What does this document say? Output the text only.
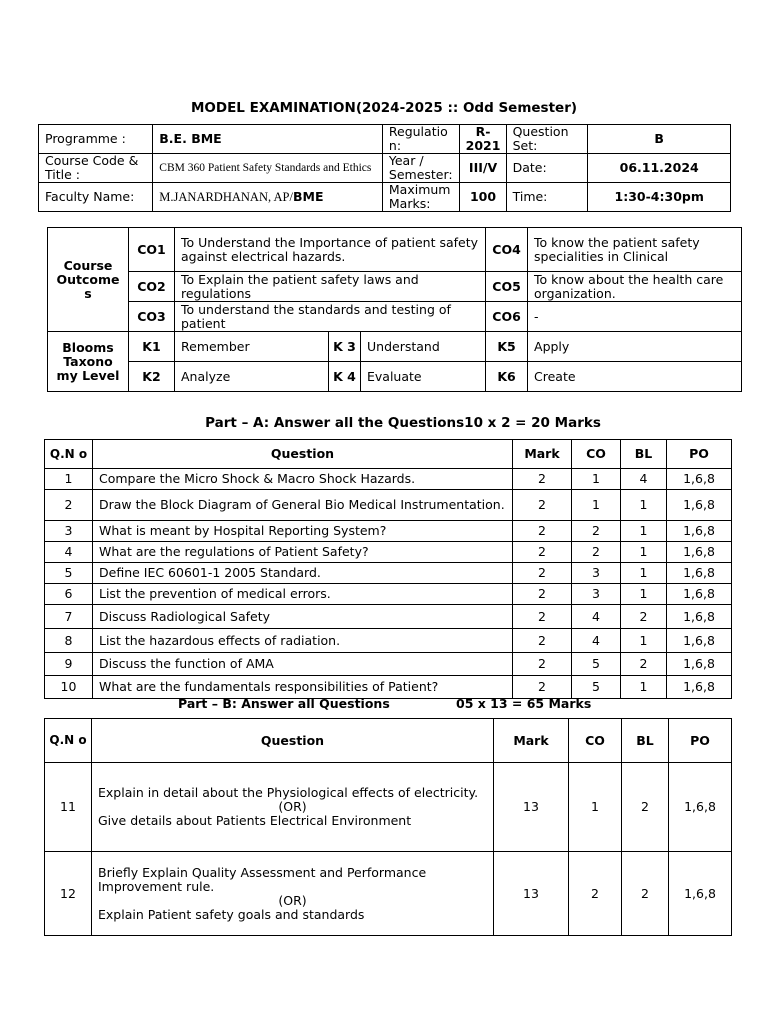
MODEL EXAMINATION(2024-2025 :: Odd Semester)
Programme :	B.E. BME	Regulatio n:	R- 2021	Question Set:	B
Course Code & Title :	CBM 360 Patient Safety Standards and Ethics	Year / Semester:	III/V	Date:	06.11.2024
Faculty Name:	M.JANARDHANAN, AP/BME	Maximum Marks:	100	Time:	1:30-4:30pm
Course Outcome s	CO1	To Understand the Importance of patient safety against electrical hazards.			CO4	To know the patient safety specialities in Clinical
	CO2	To Explain the patient safety laws and regulations			CO5	To know about the health care organization.
	CO3	To understand the standards and testing of patient			CO6	-
Blooms Taxono my Level	K1	Remember	K 3	Understand	K5	Apply
	K2	Analyze	K 4	Evaluate	K6	Create
Part – A: Answer all the Questions10 x 2 = 20 Marks
Q.N o	Question	Mark	CO	BL	PO
1	Compare the Micro Shock & Macro Shock Hazards.	2	1	4	1,6,8
2	Draw the Block Diagram of General Bio Medical Instrumentation.	2	1	1	1,6,8
3	What is meant by Hospital Reporting System?	2	2	1	1,6,8
4	What are the regulations of Patient Safety?	2	2	1	1,6,8
5	Define IEC 60601-1 2005 Standard.	2	3	1	1,6,8
6	List the prevention of medical errors.	2	3	1	1,6,8
7	Discuss Radiological Safety	2	4	2	1,6,8
8	List the hazardous effects of radiation.	2	4	1	1,6,8
9	Discuss the function of AMA	2	5	2	1,6,8
10	What are the fundamentals responsibilities of Patient?	2	5	1	1,6,8
Part – B: Answer all Questions	05 x 13 = 65 Marks
Q.N o	Question	Mark	CO	BL	PO
11	Explain in detail about the Physiological effects of electricity.
(OR)
Give details about Patients Electrical Environment	13	1	2	1,6,8
12	Briefly Explain Quality Assessment and Performance Improvement rule.
(OR)
Explain Patient safety goals and standards	13	2	2	1,6,8
